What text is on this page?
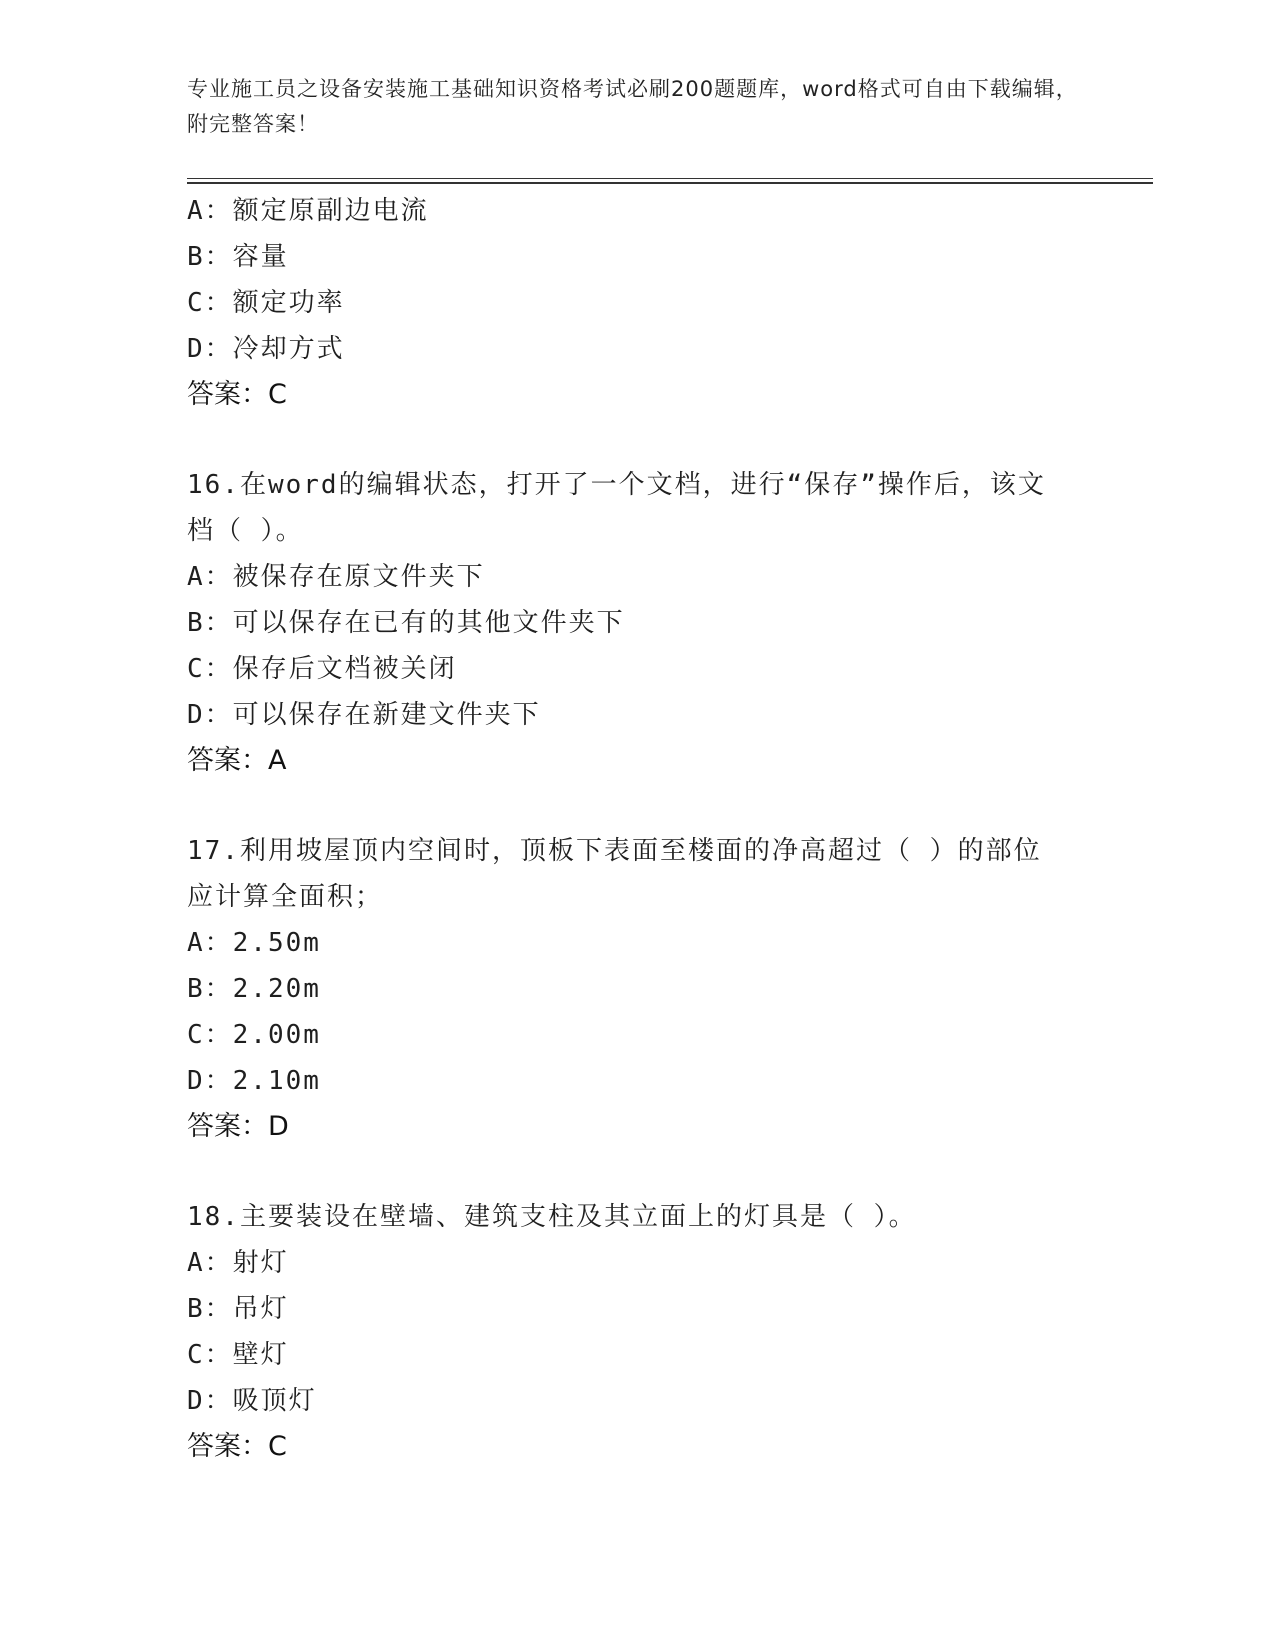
专业施工员之设备安装施工基础知识资格考试必刷200题题库，word格式可自由下载编辑，附完整答案！
A：额定原副边电流
B：容量
C：额定功率
D：冷却方式
答案：C
16.在word的编辑状态，打开了一个文档，进行“保存”操作后，该文档（ ）。
A：被保存在原文件夹下
B：可以保存在已有的其他文件夹下
C：保存后文档被关闭
D：可以保存在新建文件夹下
答案：A
17.利用坡屋顶内空间时，顶板下表面至楼面的净高超过（ ）的部位应计算全面积；
A：2.50m
B：2.20m
C：2.00m
D：2.10m
答案：D
18.主要装设在壁墙、建筑支柱及其立面上的灯具是（ ）。
A：射灯
B：吊灯
C：壁灯
D：吸顶灯
答案：C
